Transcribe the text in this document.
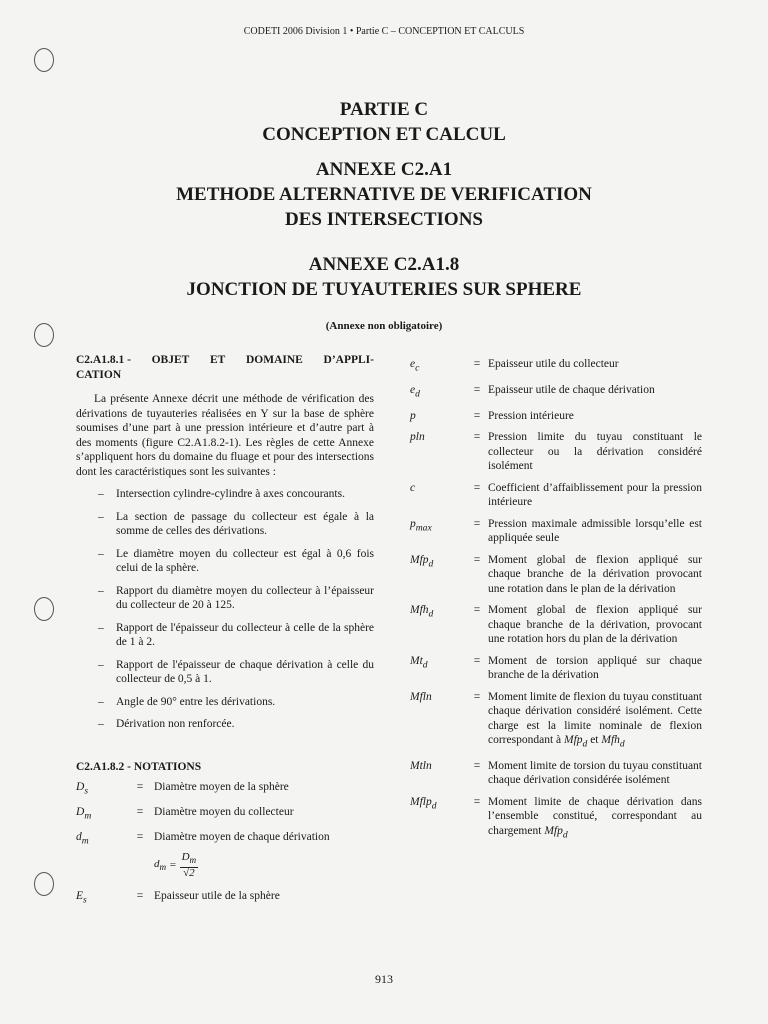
CODETI 2006 Division 1 • Partie C – CONCEPTION ET CALCULS
PARTIE C
CONCEPTION ET CALCUL
ANNEXE C2.A1
METHODE ALTERNATIVE DE VERIFICATION
DES INTERSECTIONS
ANNEXE C2.A1.8
JONCTION DE TUYAUTERIES SUR SPHERE
(Annexe non obligatoire)
C2.A1.8.1 - OBJET ET DOMAINE D’APPLI-
CATION
La présente Annexe décrit une méthode de vérification des dérivations de tuyauteries réalisées en Y sur la base de sphère soumises d’une part à une pression intérieure et d’autre part à des moments (figure C2.A1.8.2-1). Les règles de cette Annexe s’appliquent hors du domaine du fluage et pour des intersections dont les caractéristiques sont les suivantes :
– Intersection cylindre-cylindre à axes concourants.
– La section de passage du collecteur est égale à la somme de celles des dérivations.
– Le diamètre moyen du collecteur est égal à 0,6 fois celui de la sphère.
– Rapport du diamètre moyen du collecteur à l’épaisseur du collecteur de 20 à 125.
– Rapport de l'épaisseur du collecteur à celle de la sphère de 1 à 2.
– Rapport de l'épaisseur de chaque dérivation à celle du collecteur de 0,5 à 1.
– Angle de 90° entre les dérivations.
– Dérivation non renforcée.
C2.A1.8.2 - NOTATIONS
$D_s$	= Diamètre moyen de la sphère
$D_m$	= Diamètre moyen du collecteur
$d_m$	= Diamètre moyen de chaque dérivation
$d_m = \frac{D_m}{√2}$
$E_s$	= Epaisseur utile de la sphère
$e_c$	= Epaisseur utile du collecteur
$e_d$	= Epaisseur utile de chaque dérivation
p	= Pression intérieure
pln	= Pression limite du tuyau constituant le collecteur ou la dérivation considéré isolément
c	= Coefficient d’affaiblissement pour la pression intérieure
$p_{max}$	= Pression maximale admissible lorsqu’elle est appliquée seule
Mfp$_d$	= Moment global de flexion appliqué sur chaque branche de la dérivation provocant une rotation dans le plan de la dérivation
Mfh$_d$	= Moment global de flexion appliqué sur chaque branche de la dérivation, provocant une rotation hors du plan de la dérivation
$Mt_d$	= Moment de torsion appliqué sur chaque branche de la dérivation
Mfln	= Moment limite de flexion du tuyau constituant chaque dérivation considéré isolément. Cette charge est la limite nominale de flexion correspondant à Mfp$_d$ et Mfh$_d$
Mtln	= Moment limite de torsion du tuyau constituant chaque dérivation considérée isolément
Mflp$_d$	= Moment limite de chaque dérivation dans l’ensemble constitué, correspondant au chargement Mfp$_d$
913
